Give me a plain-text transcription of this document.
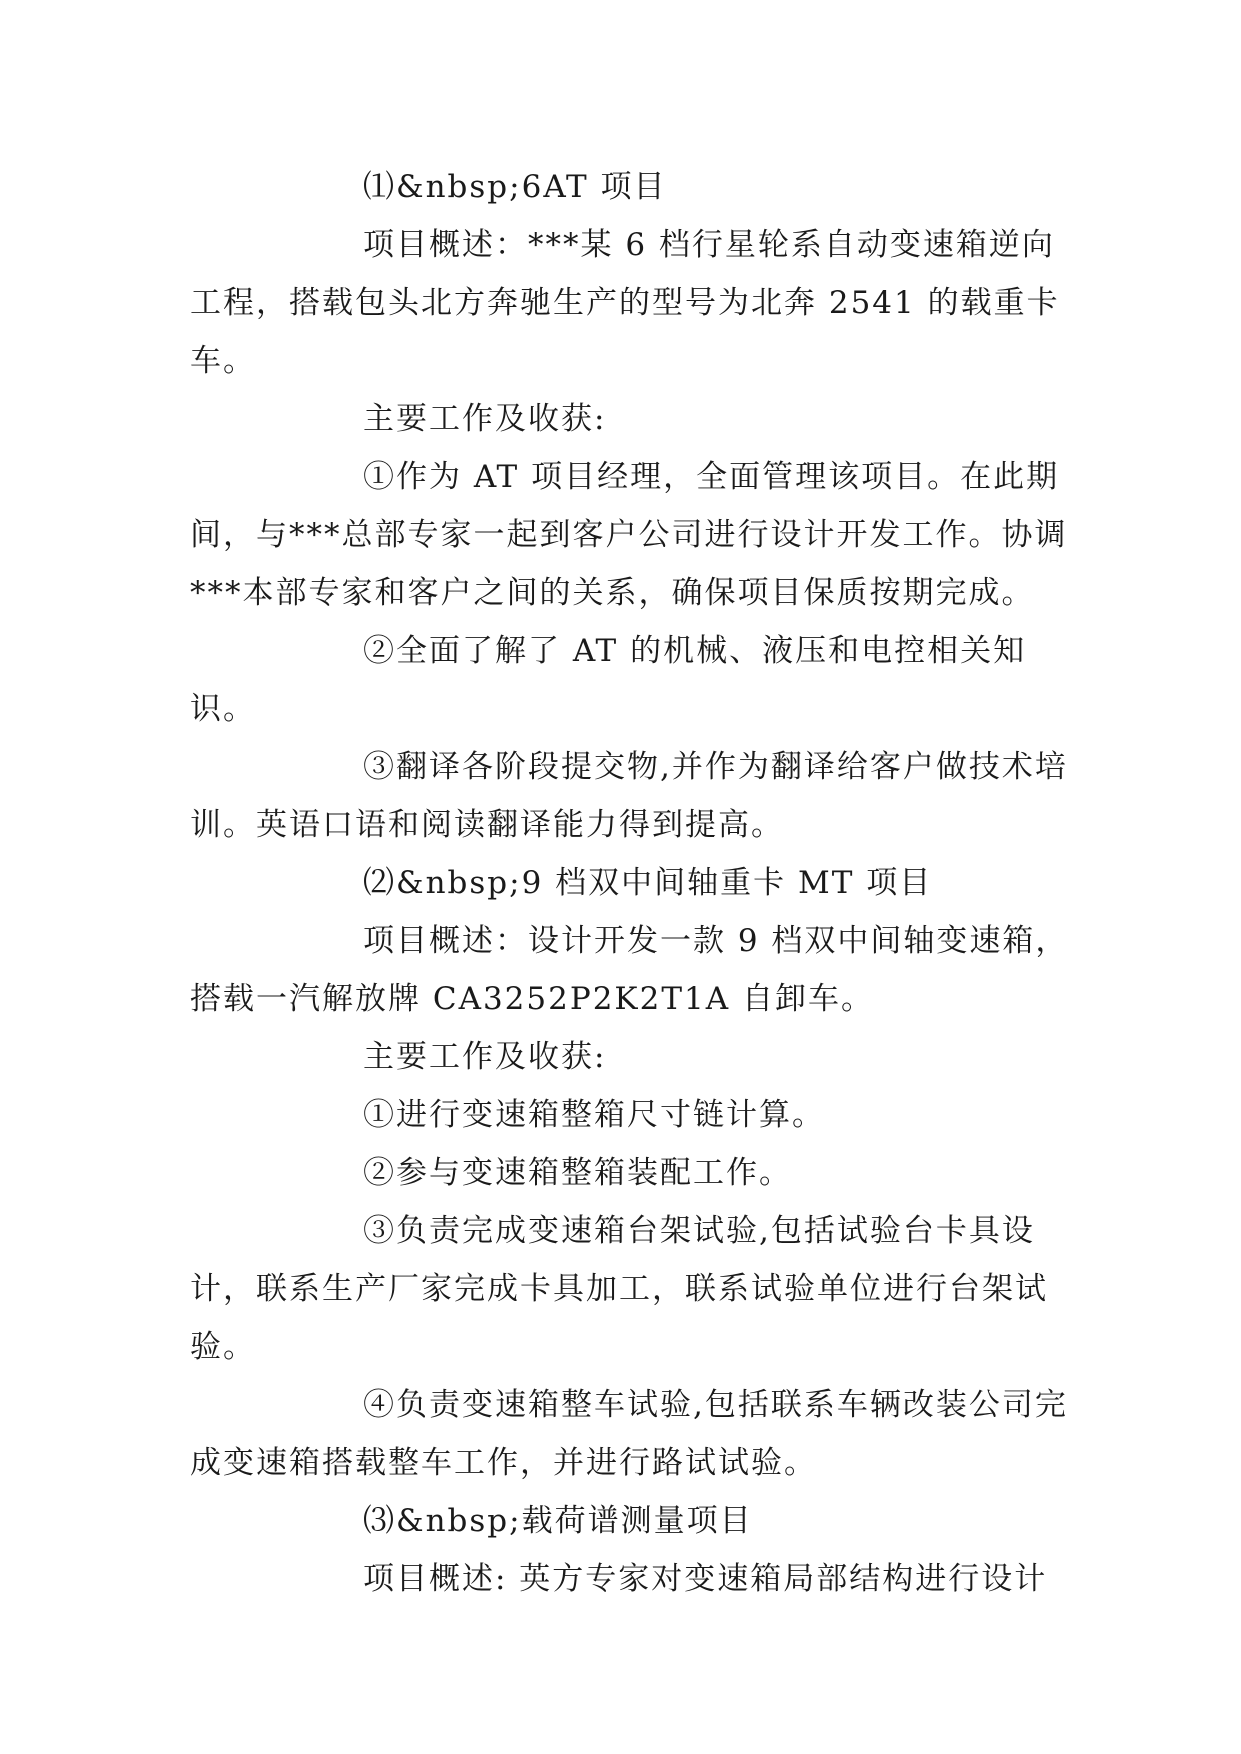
⑴&nbsp;6AT 项目

项目概述：***某 6 档行星轮系自动变速箱逆向工程，搭载包头北方奔驰生产的型号为北奔 2541 的载重卡车。

主要工作及收获:

①作为 AT 项目经理，全面管理该项目。在此期间，与***总部专家一起到客户公司进行设计开发工作。协调***本部专家和客户之间的关系，确保项目保质按期完成。

②全面了解了 AT 的机械、液压和电控相关知识。

③翻译各阶段提交物,并作为翻译给客户做技术培训。英语口语和阅读翻译能力得到提高。

⑵&nbsp;9 档双中间轴重卡 MT 项目

项目概述：设计开发一款 9 档双中间轴变速箱，搭载一汽解放牌 CA3252P2K2T1A 自卸车。

主要工作及收获:

①进行变速箱整箱尺寸链计算。

②参与变速箱整箱装配工作。

③负责完成变速箱台架试验,包括试验台卡具设计，联系生产厂家完成卡具加工，联系试验单位进行台架试验。

④负责变速箱整车试验,包括联系车辆改装公司完成变速箱搭载整车工作，并进行路试试验。

⑶&nbsp;载荷谱测量项目

项目概述: 英方专家对变速箱局部结构进行设计
